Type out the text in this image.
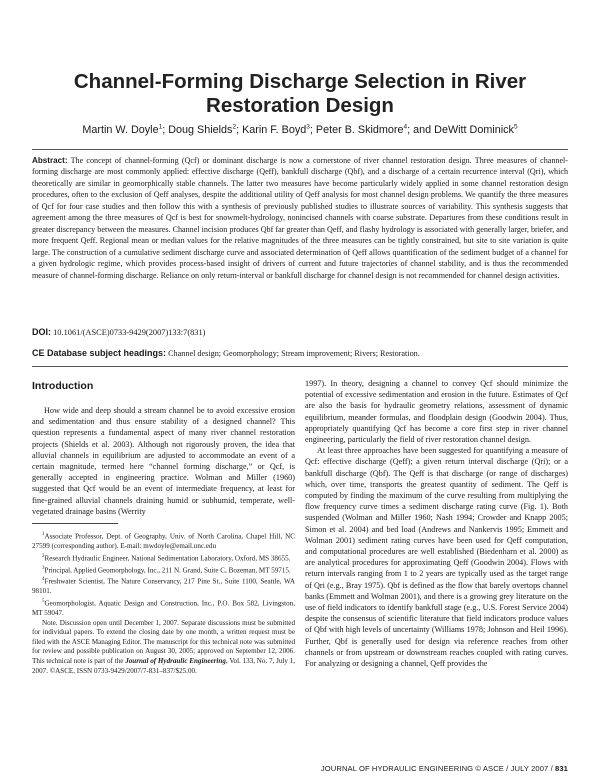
Channel-Forming Discharge Selection in River Restoration Design
Martin W. Doyle$^1$; Doug Shields$^2$; Karin F. Boyd$^3$; Peter B. Skidmore$^4$; and DeWitt Dominick$^5$
Abstract: The concept of channel-forming (Qcf) or dominant discharge is now a cornerstone of river channel restoration design. Three measures of channel-forming discharge are most commonly applied: effective discharge (Qeff), bankfull discharge (Qbf), and a discharge of a certain recurrence interval (Qri), which theoretically are similar in geomorphically stable channels. The latter two measures have become particularly widely applied in some channel restoration design procedures, often to the exclusion of Qeff analyses, despite the additional utility of Qeff analysis for most channel design problems. We quantify the three measures of Qcf for four case studies and then follow this with a synthesis of previously published studies to illustrate sources of variability. This synthesis suggests that agreement among the three measures of Qcf is best for snowmelt-hydrology, nonincised channels with coarse substrate. Departures from these conditions result in greater discrepancy between the measures. Channel incision produces Qbf far greater than Qeff, and flashy hydrology is associated with generally larger, briefer, and more frequent Qeff. Regional mean or median values for the relative magnitudes of the three measures can be tightly constrained, but site to site variation is quite large. The construction of a cumulative sediment discharge curve and associated determination of Qeff allows quantification of the sediment budget of a channel for a given hydrologic regime, which provides process-based insight of drivers of current and future trajectories of channel stability, and is thus the recommended measure of channel-forming discharge. Reliance on only return-interval or bankfull discharge for channel design is not recommended for channel design activities.
DOI: 10.1061/(ASCE)0733-9429(2007)133:7(831)
CE Database subject headings: Channel design; Geomorphology; Stream improvement; Rivers; Restoration.

Introduction

How wide and deep should a stream channel be to avoid excessive erosion and sedimentation and thus ensure stability of a designed channel? This question represents a fundamental aspect of many river channel restoration projects (Shields et al. 2003). Although not rigorously proven, the idea that alluvial channels in equilibrium are adjusted to accommodate an event of a certain magnitude, termed here “channel forming discharge,” or Qcf, is generally accepted in engineering practice. Wolman and Miller (1960) suggested that Qcf would be an event of intermediate frequency, at least for fine-grained alluvial channels draining humid or subhumid, temperate, well-vegetated drainage basins (Werrity

$^1$Associate Professor, Dept. of Geography, Univ. of North Carolina, Chapel Hill, NC 27599 (corresponding author). E-mail: mwdoyle@email.unc.edu

$^2$Research Hydraulic Engineer, National Sedimentation Laboratory, Oxford, MS 38655.

$^3$Principal, Applied Geomorphology, Inc., 211 N. Grand, Suite C, Bozeman, MT 59715.

$^4$Freshwater Scientist, The Nature Conservancy, 217 Pine St., Suite 1100, Seattle, WA 98101.

$^5$Geomorphologist, Aquatic Design and Construction, Inc., P.O. Box 582, Livingston, MT 59047.

Note. Discussion open until December 1, 2007. Separate discussions must be submitted for individual papers. To extend the closing date by one month, a written request must be filed with the ASCE Managing Editor. The manuscript for this technical note was submitted for review and possible publication on August 30, 2005; approved on September 12, 2006. This technical note is part of the Journal of Hydraulic Engineering, Vol. 133, No. 7, July 1, 2007. ©ASCE, ISSN 0733-9429/2007/7-831–837/$25.00.

1997). In theory, designing a channel to convey Qcf should minimize the potential of excessive sedimentation and erosion in the future. Estimates of Qcf are also the basis for hydraulic geometry relations, assessment of dynamic equilibrium, meander formulas, and floodplain design (Goodwin 2004). Thus, appropriately quantifying Qcf has become a core first step in river channel engineering, particularly the field of river restoration channel design.

At least three approaches have been suggested for quantifying a measure of Qcf: effective discharge (Qeff); a given return interval discharge (Qri); or a bankfull discharge (Qbf). The Qeff is that discharge (or range of discharges) which, over time, transports the greatest quantity of sediment. The Qeff is computed by finding the maximum of the curve resulting from multiplying the flow frequency curve times a sediment discharge rating curve (Fig. 1). Both suspended (Wolman and Miller 1960; Nash 1994; Crowder and Knapp 2005; Simon et al. 2004) and bed load (Andrews and Nankervis 1995; Emmett and Wolman 2001) sediment rating curves have been used for Qeff computation, and computational procedures are well established (Biedenharn et al. 2000) as are analytical procedures for approximating Qeff (Goodwin 2004). Flows with return intervals ranging from 1 to 2 years are typically used as the target range of Qri (e.g., Bray 1975). Qbf is defined as the flow that barely overtops channel banks (Emmett and Wolman 2001), and there is a growing grey literature on the use of field indicators to identify bankfull stage (e.g., U.S. Forest Service 2004) despite the consensus of scientific literature that field indicators produce values of Qbf with high levels of uncertainty (Williams 1978; Johnson and Heil 1996). Further, Qbf is generally used for design via reference reaches from other channels or from upstream or downstream reaches coupled with rating curves. For analyzing or designing a channel, Qeff provides the

JOURNAL OF HYDRAULIC ENGINEERING © ASCE / JULY 2007 / 831
